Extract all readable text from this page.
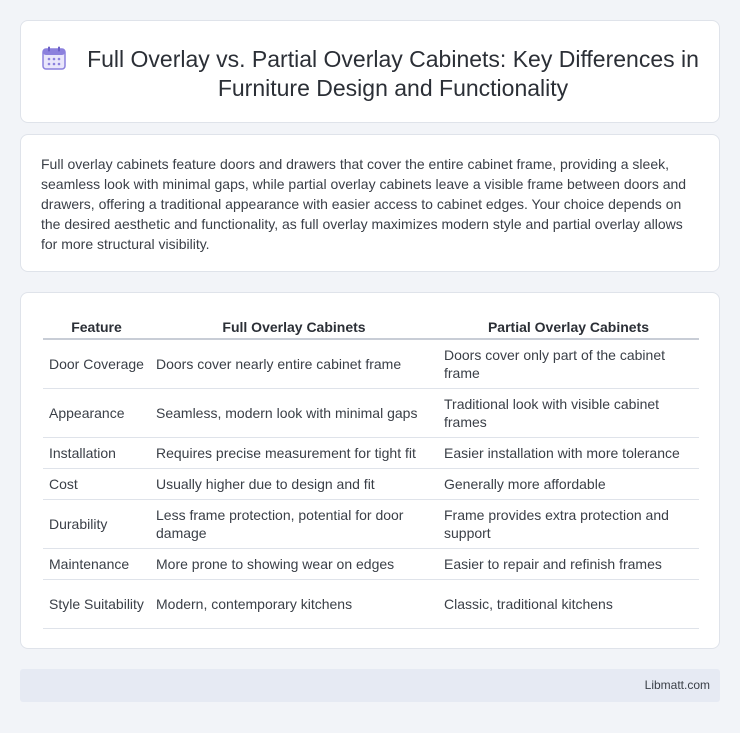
Full Overlay vs. Partial Overlay Cabinets: Key Differences in Furniture Design and Functionality

Full overlay cabinets feature doors and drawers that cover the entire cabinet frame, providing a sleek, seamless look with minimal gaps, while partial overlay cabinets leave a visible frame between doors and drawers, offering a traditional appearance with easier access to cabinet edges. Your choice depends on the desired aesthetic and functionality, as full overlay maximizes modern style and partial overlay allows for more structural visibility.

Feature	Full Overlay Cabinets	Partial Overlay Cabinets
Door Coverage	Doors cover nearly entire cabinet frame	Doors cover only part of the cabinet frame
Appearance	Seamless, modern look with minimal gaps	Traditional look with visible cabinet frames
Installation	Requires precise measurement for tight fit	Easier installation with more tolerance
Cost	Usually higher due to design and fit	Generally more affordable
Durability	Less frame protection, potential for door damage	Frame provides extra protection and support
Maintenance	More prone to showing wear on edges	Easier to repair and refinish frames
Style Suitability	Modern, contemporary kitchens	Classic, traditional kitchens
Libmatt.com
